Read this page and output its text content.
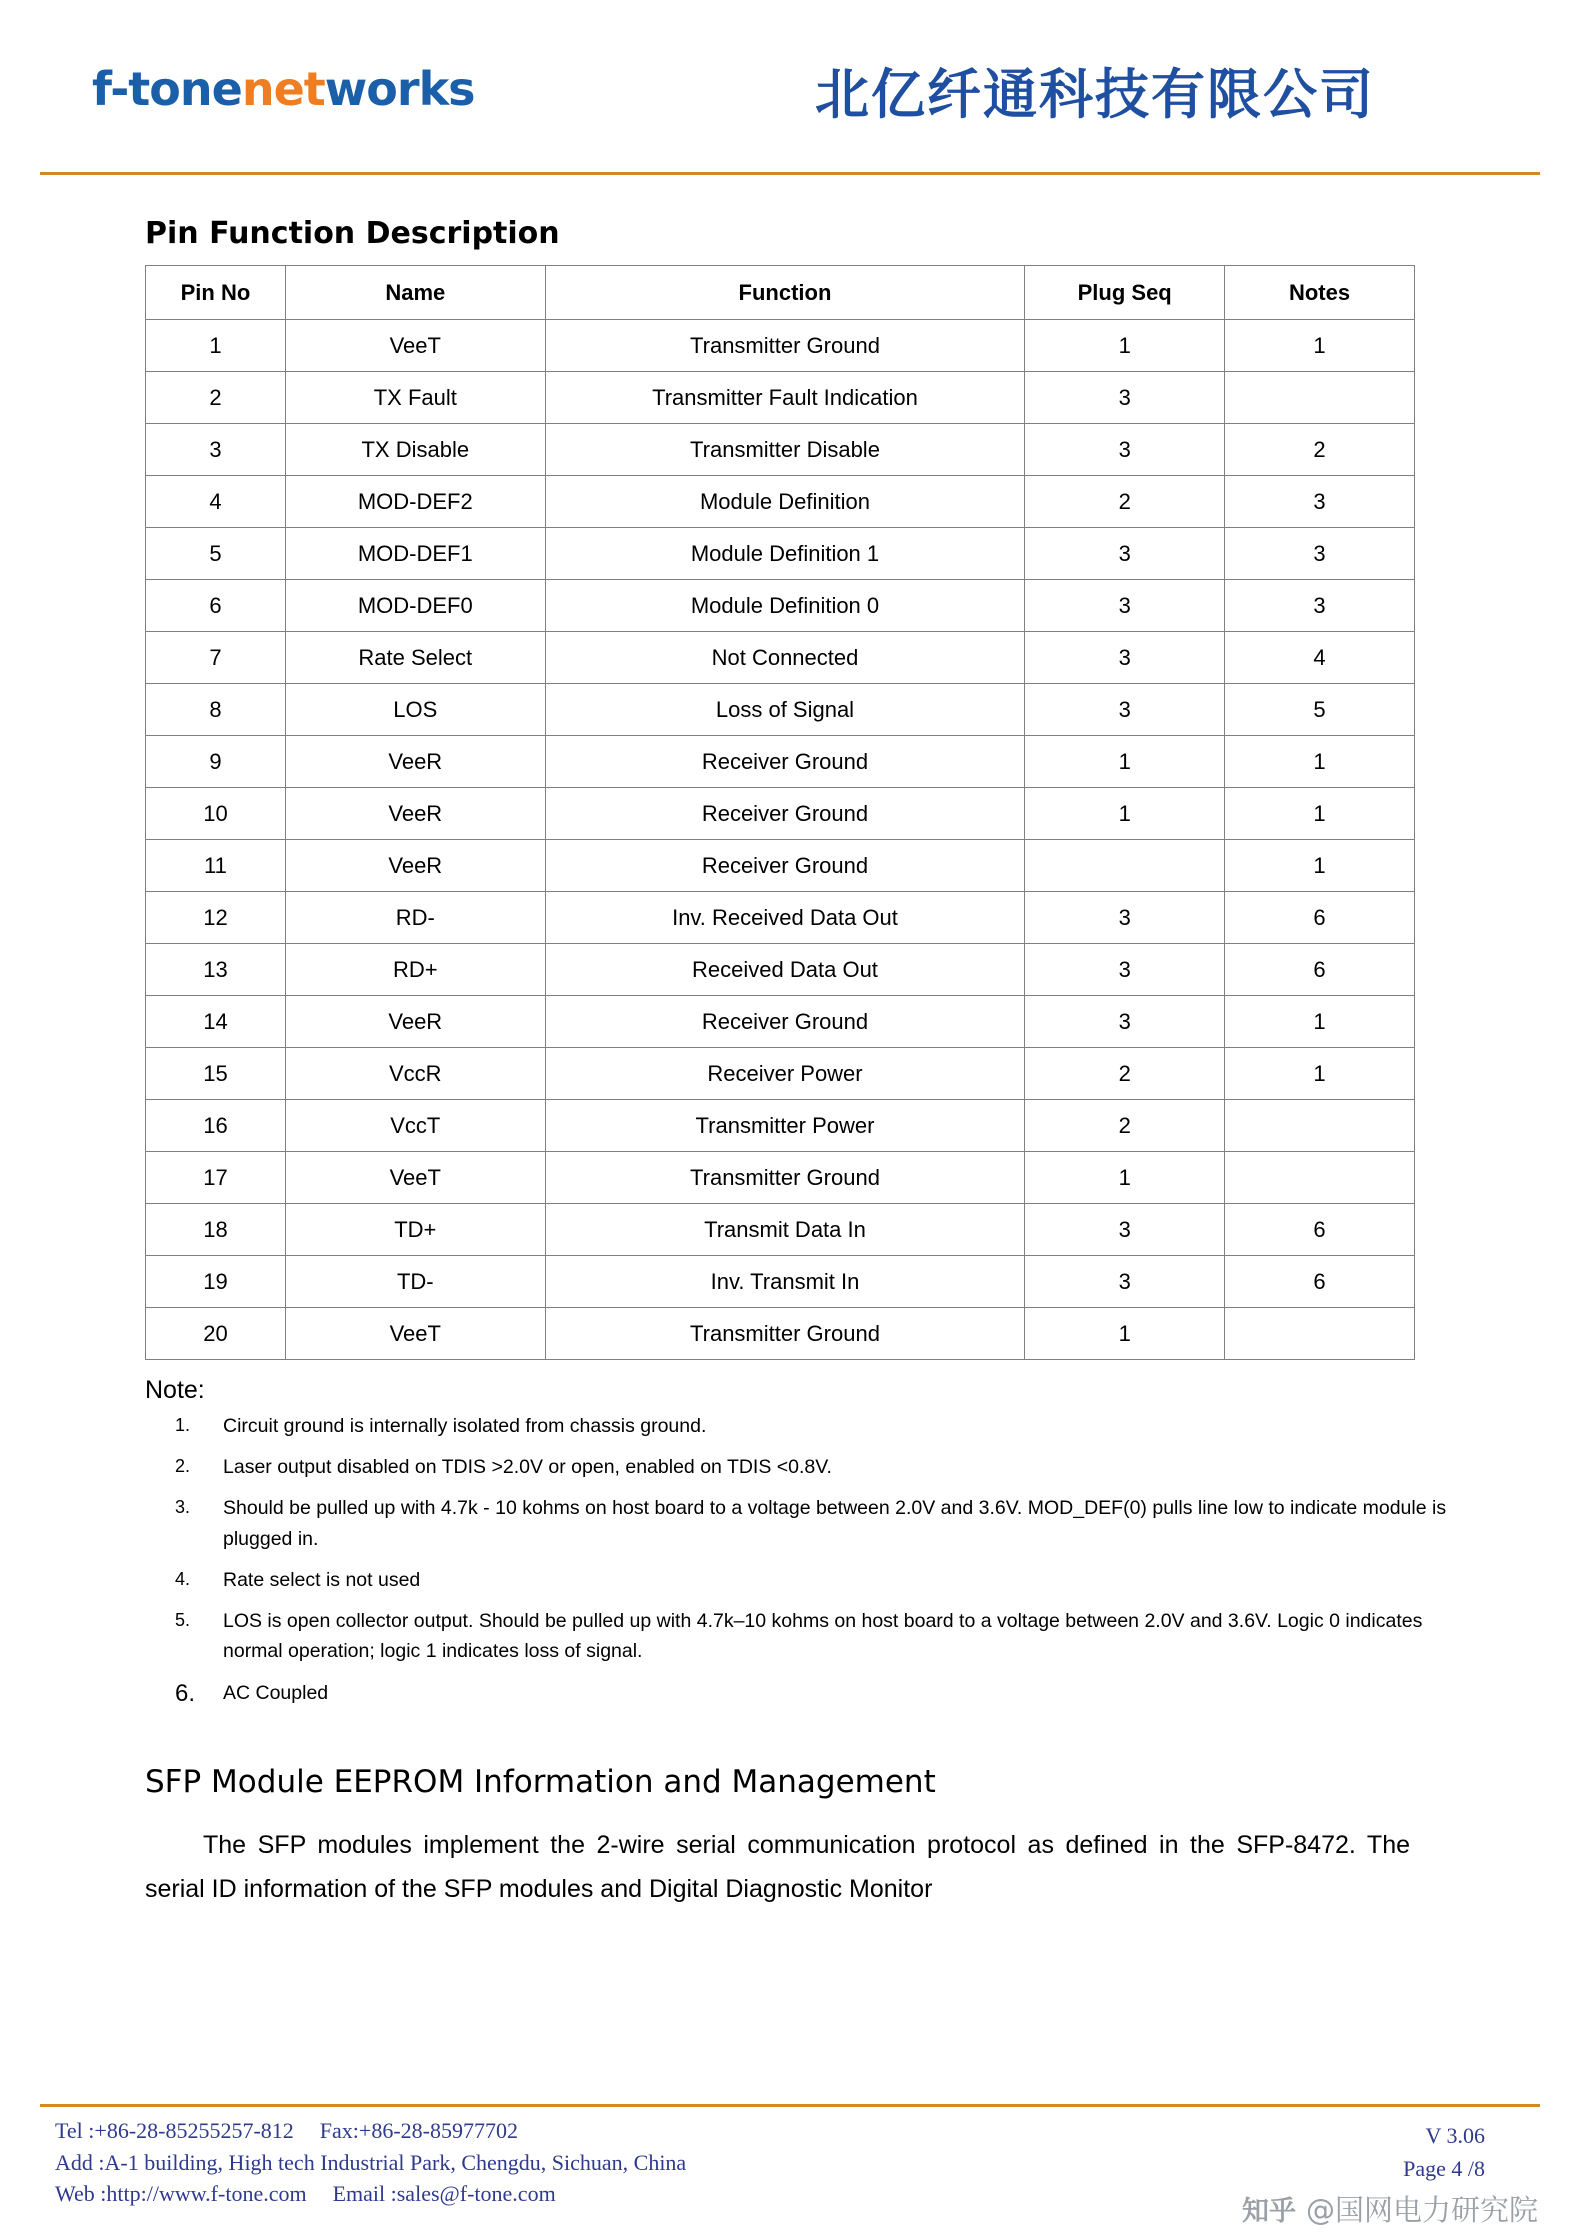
f-tonenetworks	北亿纤通科技有限公司
Pin Function Description
Pin No	Name	Function	Plug Seq	Notes
1	VeeT	Transmitter Ground	1	1
2	TX Fault	Transmitter Fault Indication	3	
3	TX Disable	Transmitter Disable	3	2
4	MOD-DEF2	Module Definition	2	3
5	MOD-DEF1	Module Definition 1	3	3
6	MOD-DEF0	Module Definition 0	3	3
7	Rate Select	Not Connected	3	4
8	LOS	Loss of Signal	3	5
9	VeeR	Receiver Ground	1	1
10	VeeR	Receiver Ground	1	1
11	VeeR	Receiver Ground		1
12	RD-	Inv. Received Data Out	3	6
13	RD+	Received Data Out	3	6
14	VeeR	Receiver Ground	3	1
15	VccR	Receiver Power	2	1
16	VccT	Transmitter Power	2	
17	VeeT	Transmitter Ground	1	
18	TD+	Transmit Data In	3	6
19	TD-	Inv. Transmit In	3	6
20	VeeT	Transmitter Ground	1	
Note:
1. Circuit ground is internally isolated from chassis ground.
2. Laser output disabled on TDIS >2.0V or open, enabled on TDIS <0.8V.
3. Should be pulled up with 4.7k - 10 kohms on host board to a voltage between 2.0V and 3.6V. MOD_DEF(0) pulls line low to indicate module is plugged in.
4. Rate select is not used
5. LOS is open collector output. Should be pulled up with 4.7k–10 kohms on host board to a voltage between 2.0V and 3.6V. Logic 0 indicates normal operation; logic 1 indicates loss of signal.
6. AC Coupled
SFP Module EEPROM Information and Management

The SFP modules implement the 2-wire serial communication protocol as defined in the SFP-8472. The serial ID information of the SFP modules and Digital Diagnostic Monitor

Tel :+86-28-85255257-812 Fax:+86-28-85977702
Add :A-1 building, High tech Industrial Park, Chengdu, Sichuan, China
Web :http://www.f-tone.com Email :sales@f-tone.com
V 3.06
Page 4 /8
知乎 @国网电力研究院
